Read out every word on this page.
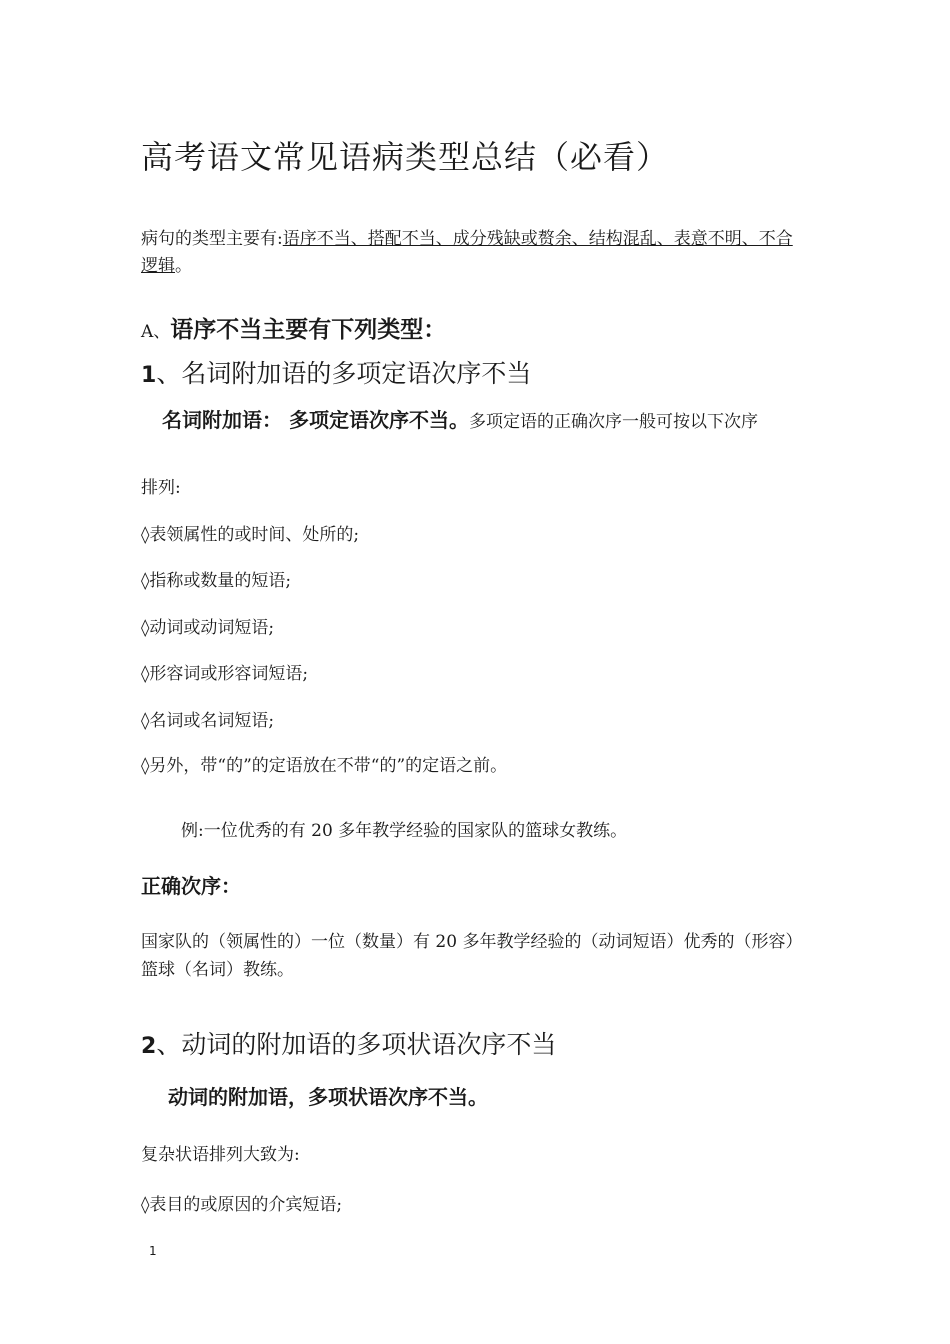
高考语文常见语病类型总结（必看）

病句的类型主要有:语序不当、搭配不当、成分残缺或赘余、结构混乱、表意不明、不合逻辑。

A、语序不当主要有下列类型：
1、名词附加语的多项定语次序不当

名词附加语： 多项定语次序不当。多项定语的正确次序一般可按以下次序

排列:
◊表领属性的或时间、处所的;
◊指称或数量的短语;
◊动词或动词短语;
◊形容词或形容词短语;
◊名词或名词短语;
◊另外，带“的”的定语放在不带“的”的定语之前。
例:一位优秀的有 20 多年教学经验的国家队的篮球女教练。
正确次序：

国家队的（领属性的）一位（数量）有 20 多年教学经验的（动词短语）优秀的（形容）篮球（名词）教练。

2、动词的附加语的多项状语次序不当
动词的附加语，多项状语次序不当。
复杂状语排列大致为:
◊表目的或原因的介宾短语;
1
